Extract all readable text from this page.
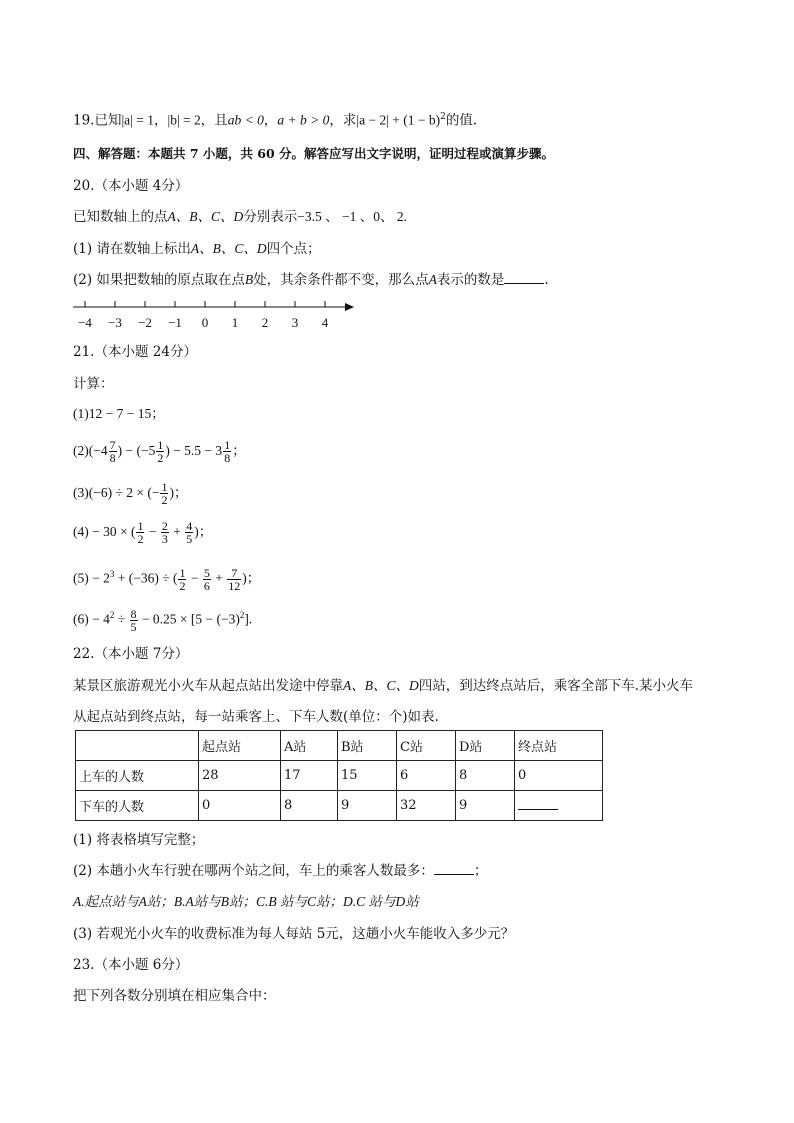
19.已知|a| = 1，|b| = 2，且ab < 0，a + b > 0，求$|a - 2| + (1 - b)^2$的值.
四、解答题：本题共 7 小题，共 60 分。解答应写出文字说明，证明过程或演算步骤。
20.（本小题 4分）
已知数轴上的点A、B、C、D分别表示−3.5 、 −1 、0、 2.
(1) 请在数轴上标出A、B、C、D四个点；
(2) 如果把数轴的原点取在点B处，其余条件都不变，那么点A表示的数是	.
−4 −3 −2 −1 0 1 2 3 4
21.（本小题 24分）
计算：
(1)12 − 7 − 15；
$(2)(-4 \frac{7}{8}$ ) − ($-5 \frac{1}{2}$ ) − $5.5 - 3 \frac{1}{8}$ ；
(3)(−6) ÷ 2 × (− $\frac{1}{2}$ )；
(4) − 30 × ( $\frac{1}{2} - \frac{2}{3} + \frac{4}{5}$ )；
$(5) - 2^3 + (-36)$ ÷ ( $\frac{1}{2} - \frac{5}{6} + \frac{7}{12}$ )；
$(6) - 4^2 \div \frac{8}{5} - 0.25 \times [5 - (-3)^2]$.
22.（本小题 7分）
某景区旅游观光小火车从起点站出发途中停靠A、B、C、D四站，到达终点站后，乘客全部下车.某小火车
从起点站到终点站，每一站乘客上、下车人数(单位：个)如表.
	起点站	A站	B站	C站	D站	终点站
上车的人数	28	17	15	6	8	0
下车的人数	0	8	9	32	9	
(1) 将表格填写完整；
(2) 本趟小火车行驶在哪两个站之间，车上的乘客人数最多：	；
A.起点站与A站；B.A站与B站；C.B 站与C站；D.C 站与D站
(3) 若观光小火车的收费标准为每人每站 5元，这趟小火车能收入多少元？
23.（本小题 6分）
把下列各数分别填在相应集合中：
